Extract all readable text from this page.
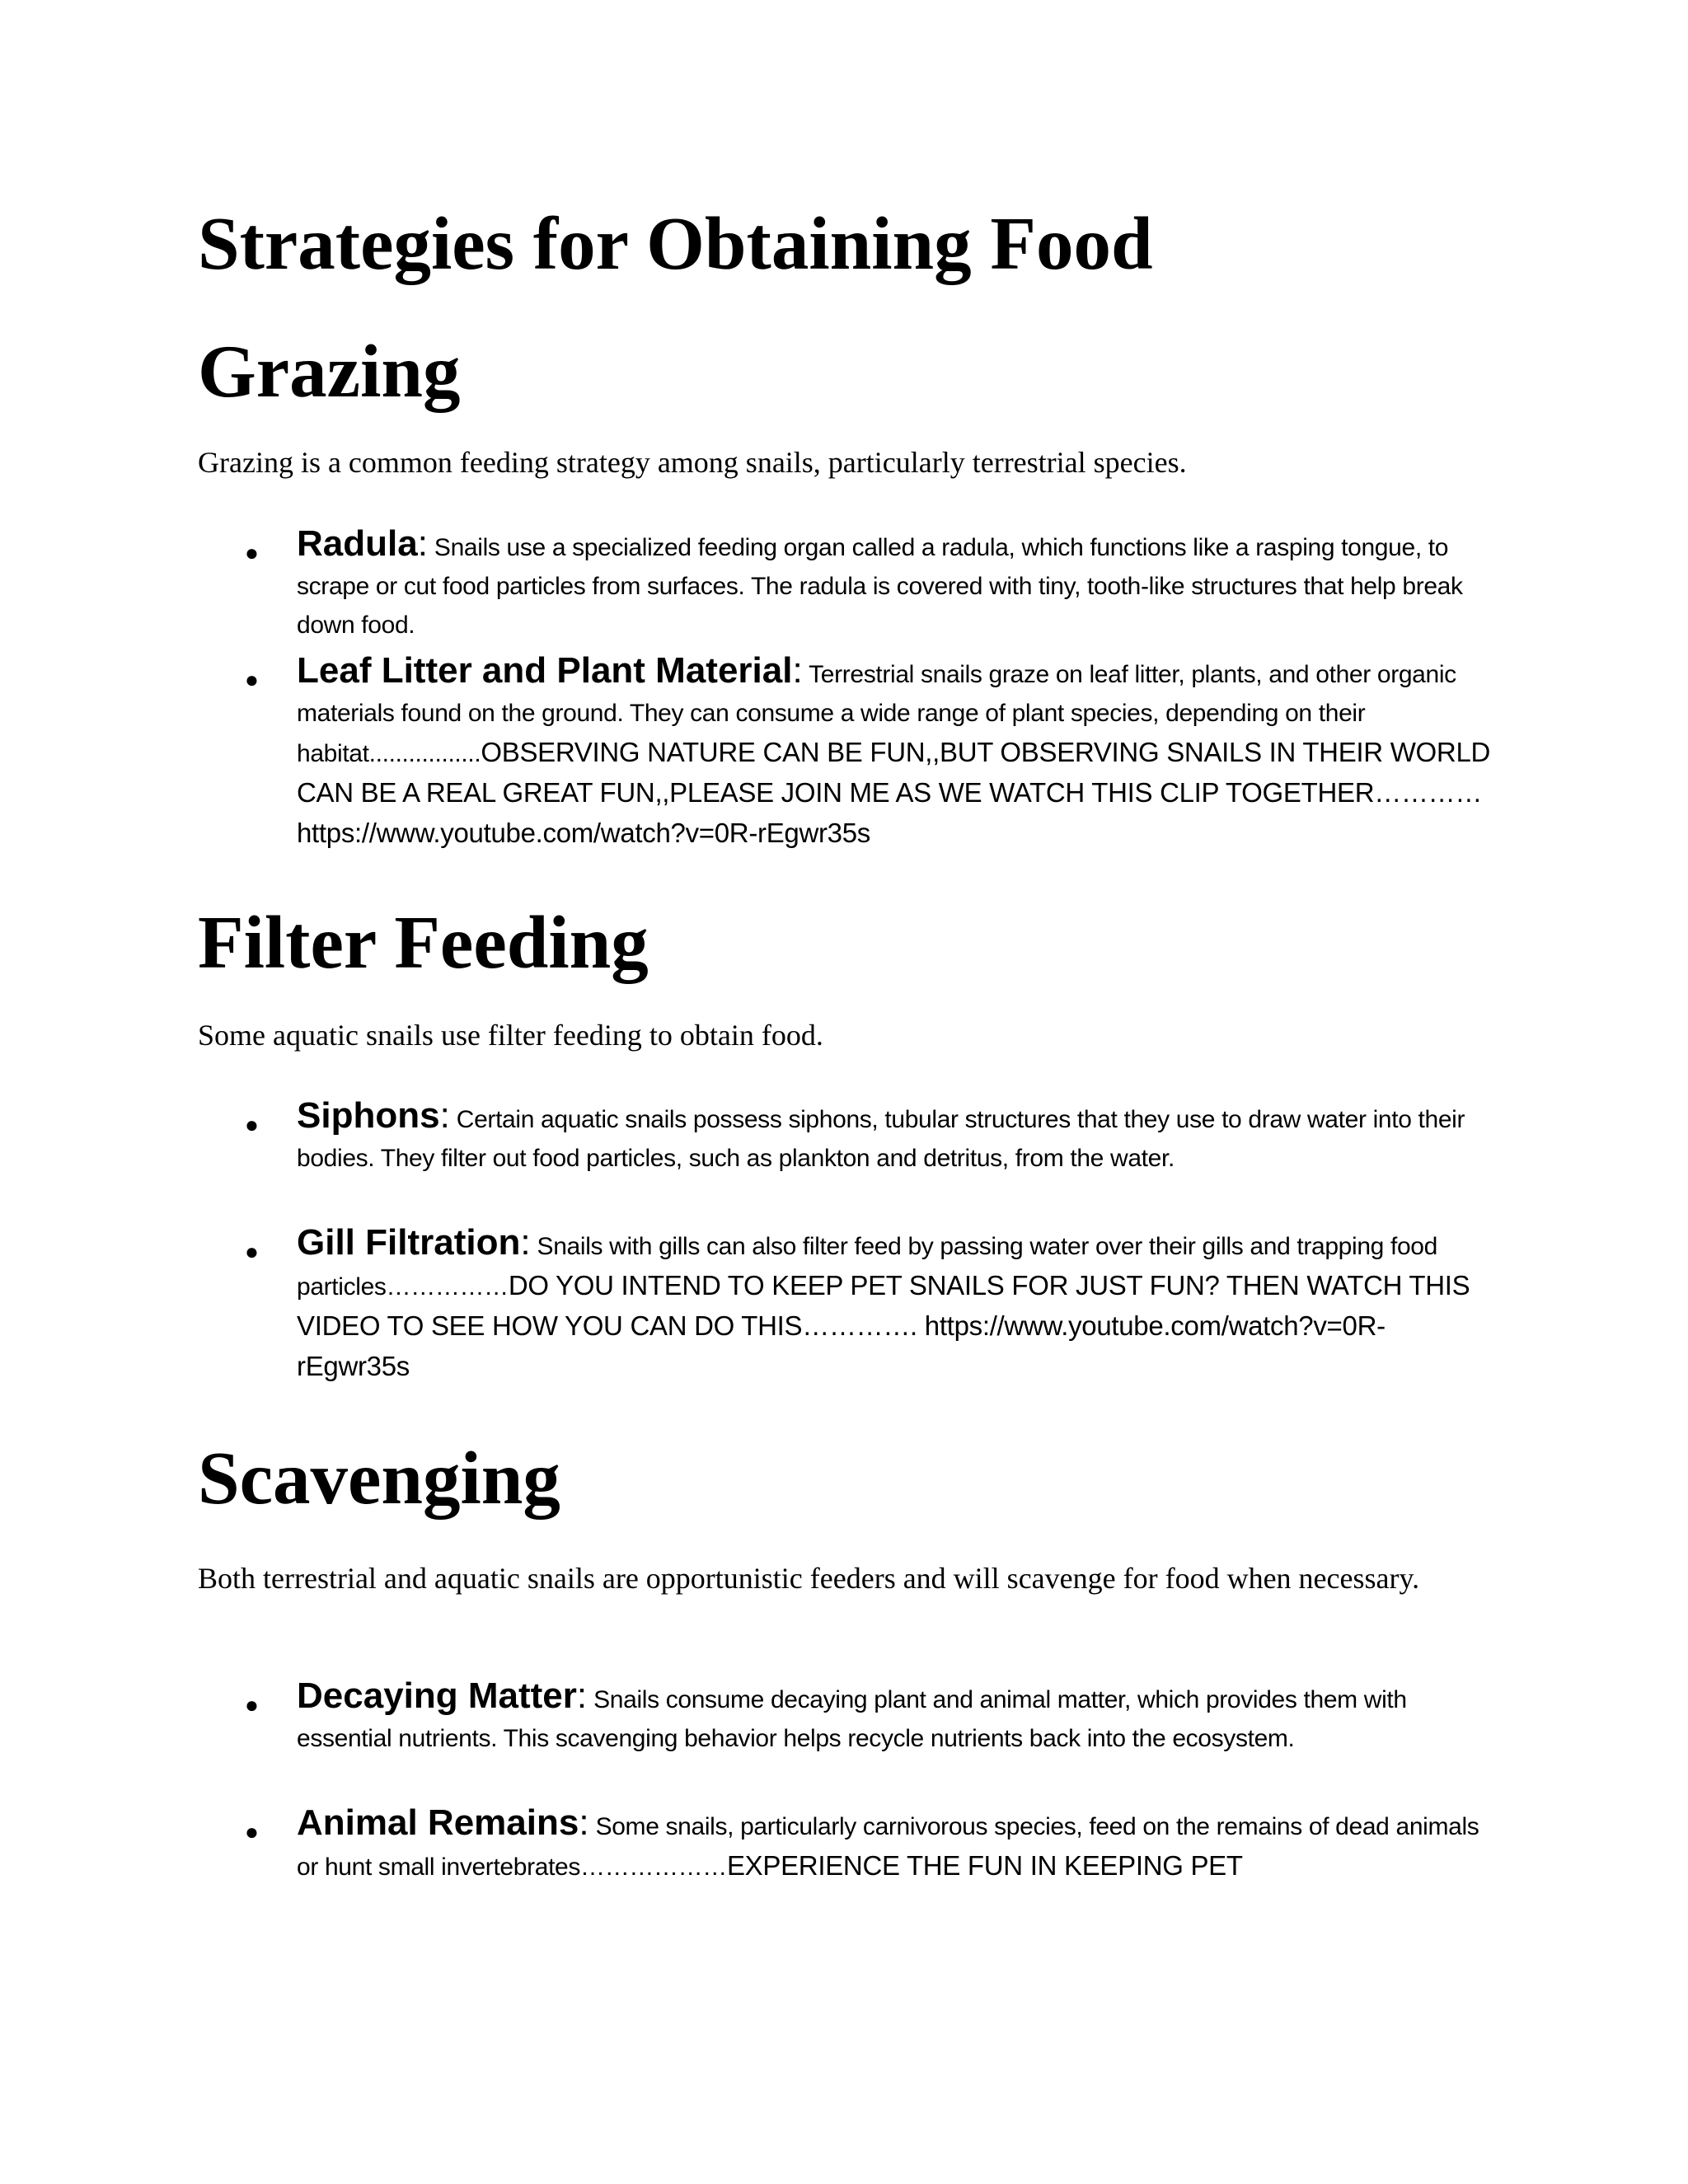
Strategies for Obtaining Food
Grazing

Grazing is a common feeding strategy among snails, particularly terrestrial species.

● Radula: Snails use a specialized feeding organ called a radula, which functions like a rasping tongue, to scrape or cut food particles from surfaces. The radula is covered with tiny, tooth-like structures that help break down food.
● Leaf Litter and Plant Material: Terrestrial snails graze on leaf litter, plants, and other organic materials found on the ground. They can consume a wide range of plant species, depending on their habitat.................OBSERVING NATURE CAN BE FUN,,BUT OBSERVING SNAILS IN THEIR WORLD CAN BE A REAL GREAT FUN,,PLEASE JOIN ME AS WE WATCH THIS CLIP TOGETHER………… https://www.youtube.com/watch?v=0R-rEgwr35s
Filter Feeding

Some aquatic snails use filter feeding to obtain food.

● Siphons: Certain aquatic snails possess siphons, tubular structures that they use to draw water into their bodies. They filter out food particles, such as plankton and detritus, from the water.
● Gill Filtration: Snails with gills can also filter feed by passing water over their gills and trapping food particles……………DO YOU INTEND TO KEEP PET SNAILS FOR JUST FUN? THEN WATCH THIS VIDEO TO SEE HOW YOU CAN DO THIS…………. https://www.youtube.com/watch?v=0R-rEgwr35s
Scavenging

Both terrestrial and aquatic snails are opportunistic feeders and will scavenge for food when necessary.

● Decaying Matter: Snails consume decaying plant and animal matter, which provides them with essential nutrients. This scavenging behavior helps recycle nutrients back into the ecosystem.
● Animal Remains: Some snails, particularly carnivorous species, feed on the remains of dead animals or hunt small invertebrates………………EXPERIENCE THE FUN IN KEEPING PET
